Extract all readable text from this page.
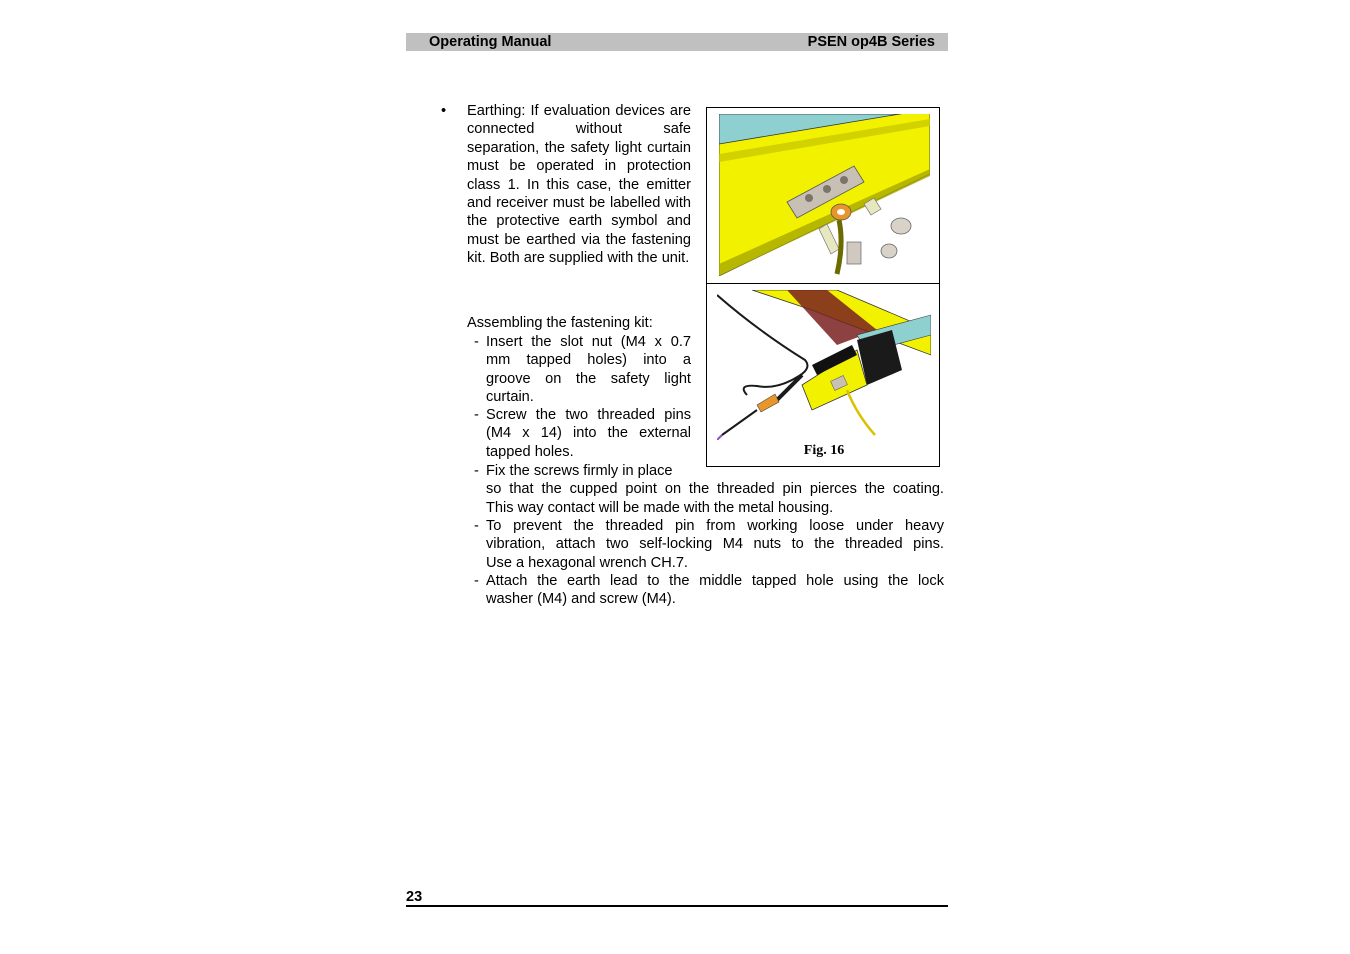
Operating Manual	PSEN op4B Series
• Earthing: If evaluation devices are connected without safe separation, the safety light curtain must be operated in protection class 1. In this case, the emitter and receiver must be labelled with the protective earth symbol and must be earthed via the fastening kit. Both are supplied with the unit.
Assembling the fastening kit:
- Insert the slot nut (M4 x 0.7
mm tapped holes) into a
groove on the safety light
curtain.
- Screw the two threaded pins
(M4 x 14) into the external
tapped holes.
- Fix the screws firmly in place
so that the cupped point on the threaded pin pierces the coating.
This way contact will be made with the metal housing.
- To prevent the threaded pin from working loose under heavy
vibration, attach two self-locking M4 nuts to the threaded pins.
Use a hexagonal wrench CH.7.
- Attach the earth lead to the middle tapped hole using the lock
washer (M4) and screw (M4).
Fig. 16
23
